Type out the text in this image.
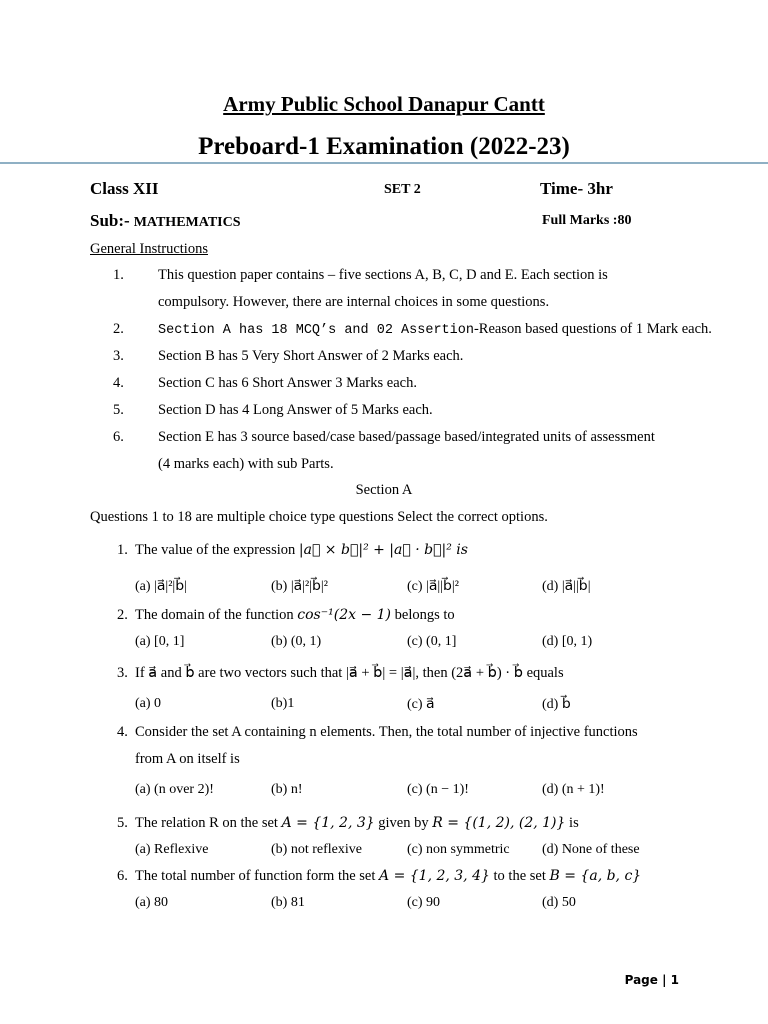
Army Public School Danapur Cantt
Preboard-1 Examination (2022-23)
Class XII	SET 2	Time- 3hr
Sub:- MATHEMATICS	Full Marks :80
General Instructions
1. This question paper contains – five sections A, B, C, D and E. Each section is
compulsory. However, there are internal choices in some questions.
2.	Section A has 18 MCQ’s and 02 Assertion-Reason based questions of 1 Mark each.
3. Section B has 5 Very Short Answer of 2 Marks each.
4. Section C has 6 Short Answer 3 Marks each.
5. Section D has 4 Long Answer of 5 Marks each.
6. Section E has 3 source based/case based/passage based/integrated units of assessment
(4 marks each) with sub Parts.
Section A
Questions 1 to 18 are multiple choice type questions Select the correct options.
1. The value of the expression |a⃗ × b⃗|² + |a⃗ · b⃗|² is
(a) |a⃗|²|b⃗|	(b) |a⃗|²|b⃗|²	(c) |a⃗||b⃗|²	(d) |a⃗||b⃗|
2. The domain of the function cos⁻¹(2x − 1) belongs to
(a) [0, 1]	(b) (0, 1)	(c) (0, 1]	(d) [0, 1)
3. If a⃗ and b⃗ are two vectors such that |a⃗ + b⃗| = |a⃗|, then (2a⃗ + b⃗) · b⃗ equals
(a) 0	(b)1	(c) a⃗	(d) b⃗
4. Consider the set A containing n elements. Then, the total number of injective functions
from A on itself is
(a) (n over 2)!	(b) n!	(c) (n − 1)!	(d) (n + 1)!
5. The relation R on the set A = {1, 2, 3} given by R = {(1, 2), (2, 1)} is
(a) Reflexive	(b) not reflexive	(c) non symmetric (d) None of these
6. The total number of function form the set A = {1, 2, 3, 4} to the set B = {a, b, c}
(a) 80	(b) 81	(c) 90	(d) 50
Page | 1
